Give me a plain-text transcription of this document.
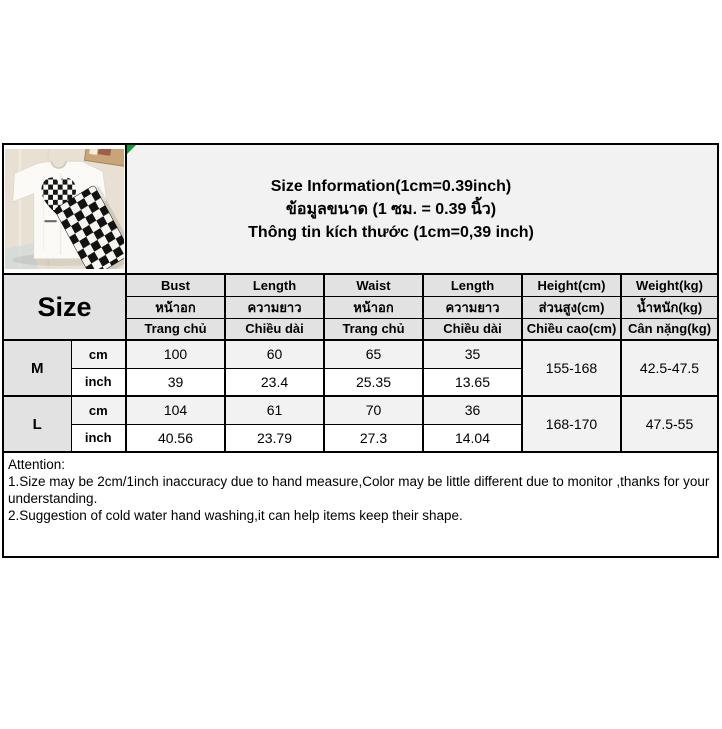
Size Information(1cm=0.39inch)
ข้อมูลขนาด (1 ซม. = 0.39 นิ้ว)
Thông tin kích thước (1cm=0,39 inch)					

Size		Bust	Length	Waist	Length	Height(cm)	Weight(kg)
		หน้าอก	ความยาว	หน้าอก	ความยาว	ส่วนสูง(cm)	น้ำหนัก(kg)
		Trang chủ	Chiều dài	Trang chủ	Chiều dài	Chiều cao(cm)	Cân nặng(kg)
M	cm	100	60	65	35	155-168	42.5-47.5
	inch	39	23.4	25.35	13.65		
L	cm	104	61	70	36	168-170	47.5-55
	inch	40.56	23.79	27.3	14.04		

Attention:
1.Size may be 2cm/1inch inaccuracy due to hand measure,Color may be little different due to monitor ,thanks for your understanding.
2.Suggestion of cold water hand washing,it can help items keep their shape.							
